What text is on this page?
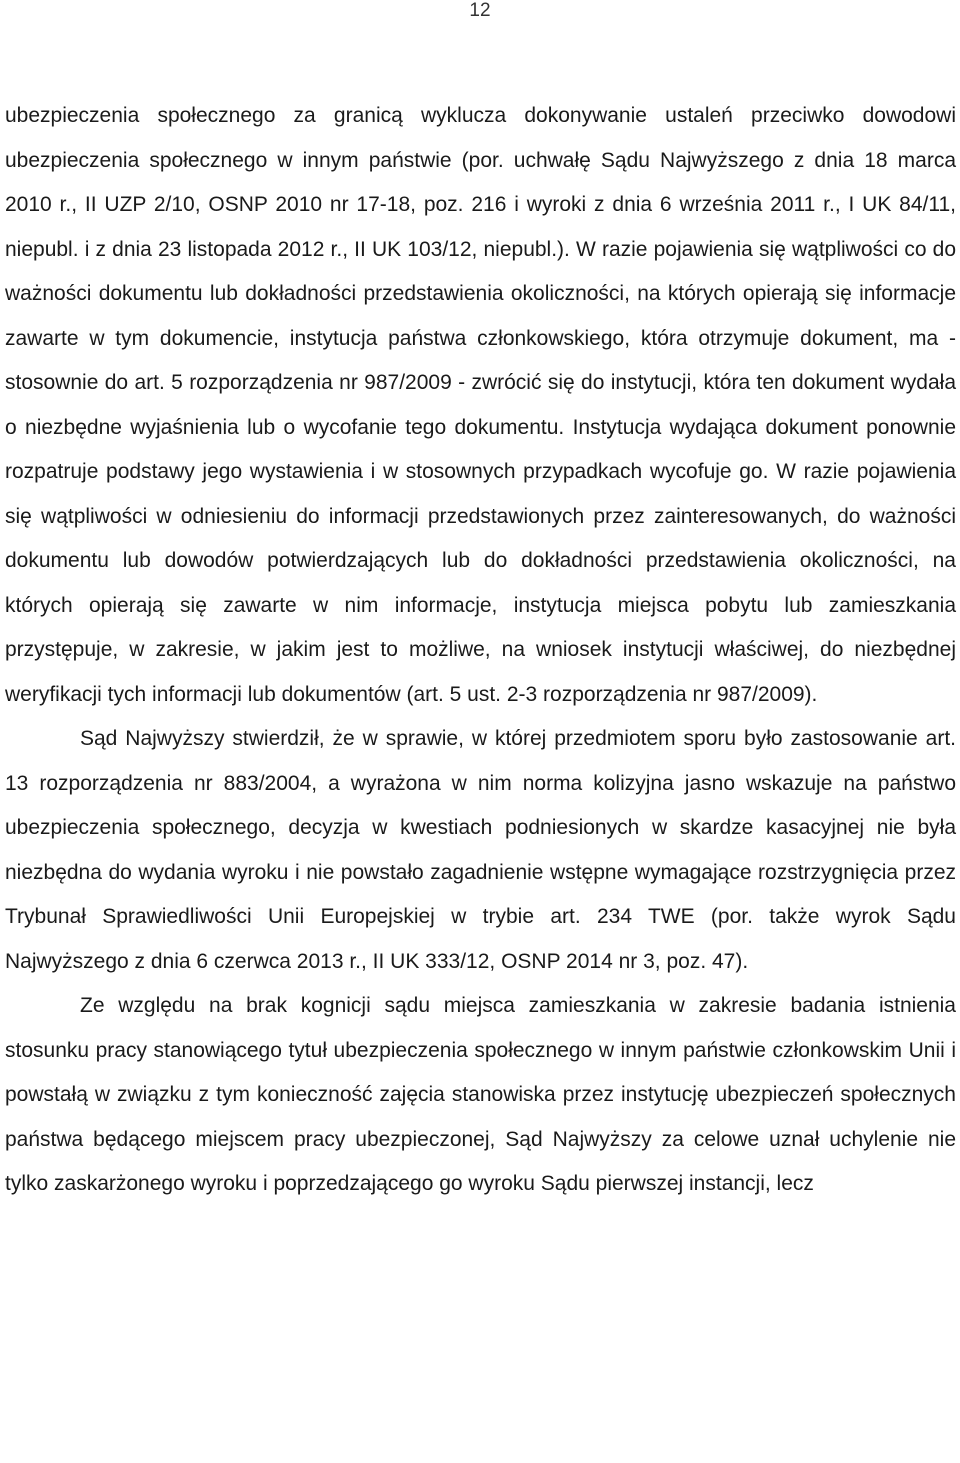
12

ubezpieczenia społecznego za granicą wyklucza dokonywanie ustaleń przeciwko dowodowi ubezpieczenia społecznego w innym państwie (por. uchwałę Sądu Najwyższego z dnia 18 marca 2010 r., II UZP 2/10, OSNP 2010 nr 17-18, poz. 216 i wyroki z dnia 6 września 2011 r., I UK 84/11, niepubl. i z dnia 23 listopada 2012 r., II UK 103/12, niepubl.). W razie pojawienia się wątpliwości co do ważności dokumentu lub dokładności przedstawienia okoliczności, na których opierają się informacje zawarte w tym dokumencie, instytucja państwa członkowskiego, która otrzymuje dokument, ma - stosownie do art. 5 rozporządzenia nr 987/2009 - zwrócić się do instytucji, która ten dokument wydała o niezbędne wyjaśnienia lub o wycofanie tego dokumentu. Instytucja wydająca dokument ponownie rozpatruje podstawy jego wystawienia i w stosownych przypadkach wycofuje go. W razie pojawienia się wątpliwości w odniesieniu do informacji przedstawionych przez zainteresowanych, do ważności dokumentu lub dowodów potwierdzających lub do dokładności przedstawienia okoliczności, na których opierają się zawarte w nim informacje, instytucja miejsca pobytu lub zamieszkania przystępuje, w zakresie, w jakim jest to możliwe, na wniosek instytucji właściwej, do niezbędnej weryfikacji tych informacji lub dokumentów (art. 5 ust. 2-3 rozporządzenia nr 987/2009).

Sąd Najwyższy stwierdził, że w sprawie, w której przedmiotem sporu było zastosowanie art. 13 rozporządzenia nr 883/2004, a wyrażona w nim norma kolizyjna jasno wskazuje na państwo ubezpieczenia społecznego, decyzja w kwestiach podniesionych w skardze kasacyjnej nie była niezbędna do wydania wyroku i nie powstało zagadnienie wstępne wymagające rozstrzygnięcia przez Trybunał Sprawiedliwości Unii Europejskiej w trybie art. 234 TWE (por. także wyrok Sądu Najwyższego z dnia 6 czerwca 2013 r., II UK 333/12, OSNP 2014 nr 3, poz. 47).

Ze względu na brak kognicji sądu miejsca zamieszkania w zakresie badania istnienia stosunku pracy stanowiącego tytuł ubezpieczenia społecznego w innym państwie członkowskim Unii i powstałą w związku z tym konieczność zajęcia stanowiska przez instytucję ubezpieczeń społecznych państwa będącego miejscem pracy ubezpieczonej, Sąd Najwyższy za celowe uznał uchylenie nie tylko zaskarżonego wyroku i poprzedzającego go wyroku Sądu pierwszej instancji, lecz
